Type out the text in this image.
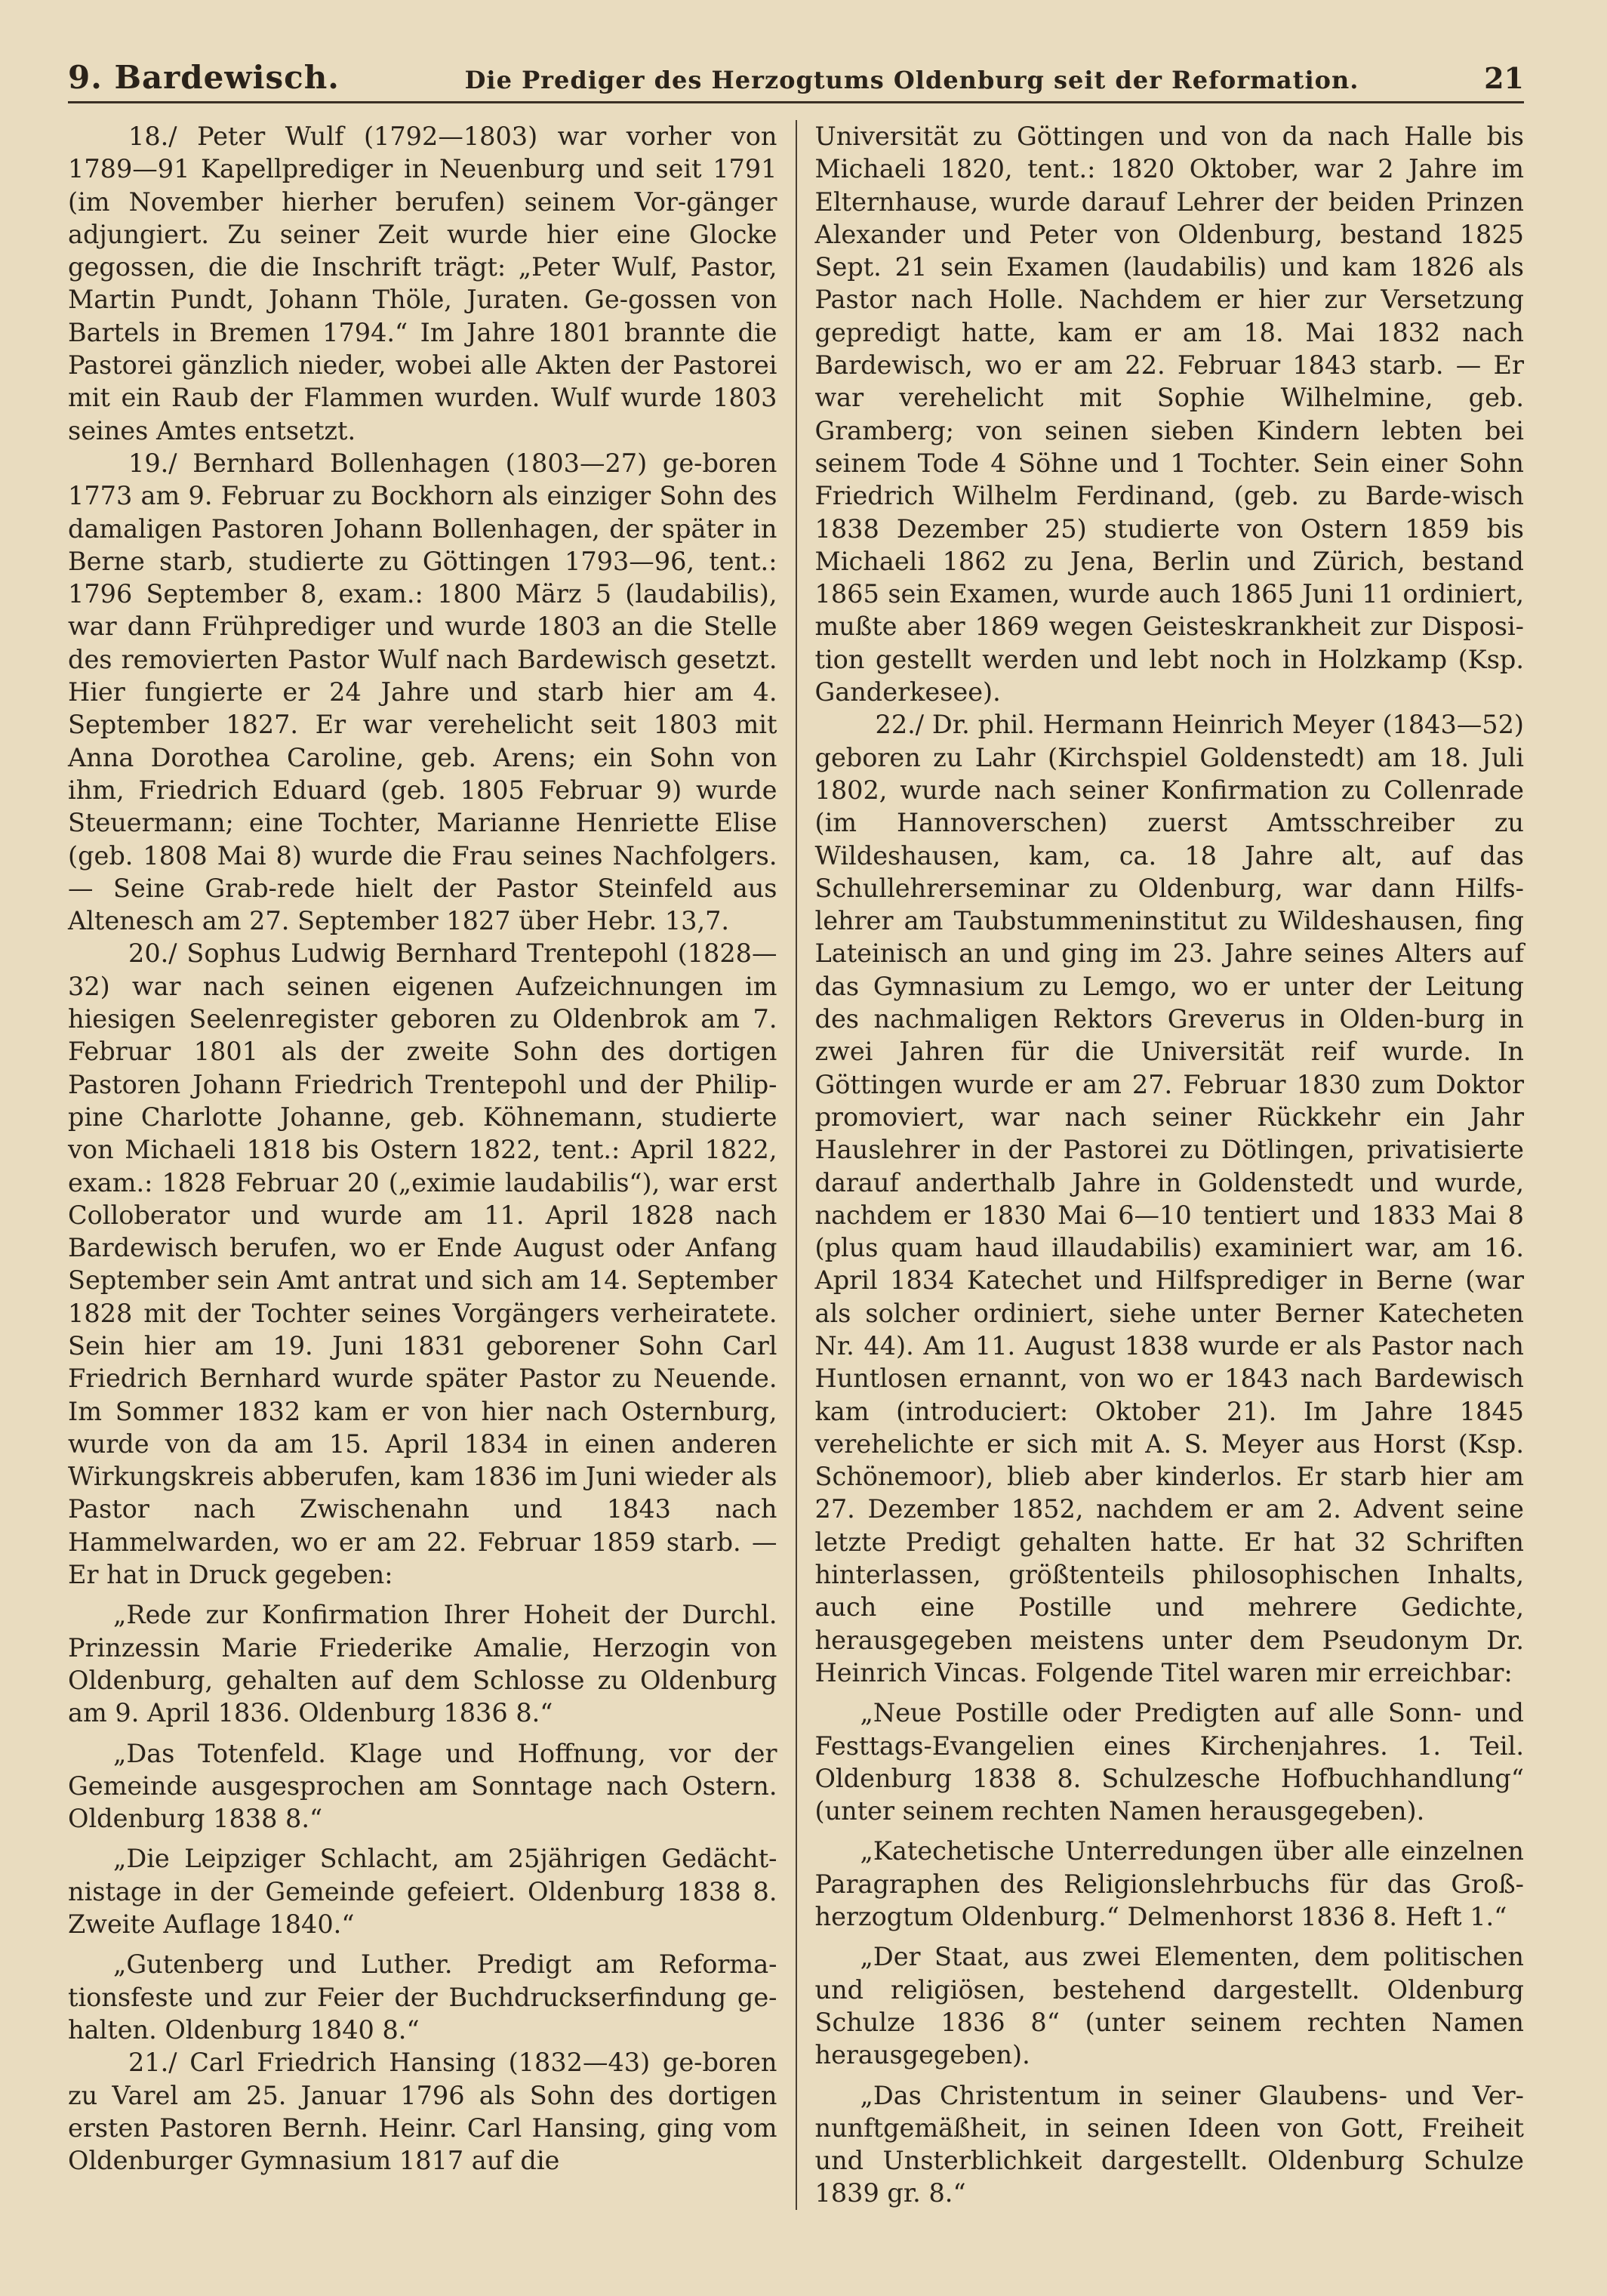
9. Bardewisch.	Die Prediger des Herzogtums Oldenburg seit der Reformation.	21

18./ Peter Wulf (1792—1803) war vorher von 1789—91 Kapellprediger in Neuenburg und seit 1791 (im November hierher berufen) seinem Vor-gänger adjungiert. Zu seiner Zeit wurde hier eine Glocke gegossen, die die Inschrift trägt: „Peter Wulf, Pastor, Martin Pundt, Johann Thöle, Juraten. Ge-gossen von Bartels in Bremen 1794.“ Im Jahre 1801 brannte die Pastorei gänzlich nieder, wobei alle Akten der Pastorei mit ein Raub der Flammen wurden. Wulf wurde 1803 seines Amtes entsetzt.

19./ Bernhard Bollenhagen (1803—27) ge-boren 1773 am 9. Februar zu Bockhorn als einziger Sohn des damaligen Pastoren Johann Bollenhagen, der später in Berne starb, studierte zu Göttingen 1793—96, tent.: 1796 September 8, exam.: 1800 März 5 (laudabilis), war dann Frühprediger und wurde 1803 an die Stelle des removierten Pastor Wulf nach Bardewisch gesetzt. Hier fungierte er 24 Jahre und starb hier am 4. September 1827. Er war verehelicht seit 1803 mit Anna Dorothea Caroline, geb. Arens; ein Sohn von ihm, Friedrich Eduard (geb. 1805 Februar 9) wurde Steuermann; eine Tochter, Marianne Henriette Elise (geb. 1808 Mai 8) wurde die Frau seines Nachfolgers. — Seine Grab-rede hielt der Pastor Steinfeld aus Altenesch am 27. September 1827 über Hebr. 13,7.

20./ Sophus Ludwig Bernhard Trentepohl (1828—32) war nach seinen eigenen Aufzeichnungen im hiesigen Seelenregister geboren zu Oldenbrok am 7. Februar 1801 als der zweite Sohn des dortigen Pastoren Johann Friedrich Trentepohl und der Philip-pine Charlotte Johanne, geb. Köhnemann, studierte von Michaeli 1818 bis Ostern 1822, tent.: April 1822, exam.: 1828 Februar 20 („eximie laudabilis“), war erst Colloberator und wurde am 11. April 1828 nach Bardewisch berufen, wo er Ende August oder Anfang September sein Amt antrat und sich am 14. September 1828 mit der Tochter seines Vorgängers verheiratete. Sein hier am 19. Juni 1831 geborener Sohn Carl Friedrich Bernhard wurde später Pastor zu Neuende. Im Sommer 1832 kam er von hier nach Osternburg, wurde von da am 15. April 1834 in einen anderen Wirkungskreis abberufen, kam 1836 im Juni wieder als Pastor nach Zwischenahn und 1843 nach Hammelwarden, wo er am 22. Februar 1859 starb. — Er hat in Druck gegeben:

„Rede zur Konfirmation Ihrer Hoheit der Durchl. Prinzessin Marie Friederike Amalie, Herzogin von Oldenburg, gehalten auf dem Schlosse zu Oldenburg am 9. April 1836. Oldenburg 1836 8.“

„Das Totenfeld. Klage und Hoffnung, vor der Gemeinde ausgesprochen am Sonntage nach Ostern. Oldenburg 1838 8.“

„Die Leipziger Schlacht, am 25jährigen Gedächt-nistage in der Gemeinde gefeiert. Oldenburg 1838 8. Zweite Auflage 1840.“

„Gutenberg und Luther. Predigt am Reforma-tionsfeste und zur Feier der Buchdruckserfindung ge-halten. Oldenburg 1840 8.“

21./ Carl Friedrich Hansing (1832—43) ge-boren zu Varel am 25. Januar 1796 als Sohn des dortigen ersten Pastoren Bernh. Heinr. Carl Hansing, ging vom Oldenburger Gymnasium 1817 auf die

Universität zu Göttingen und von da nach Halle bis Michaeli 1820, tent.: 1820 Oktober, war 2 Jahre im Elternhause, wurde darauf Lehrer der beiden Prinzen Alexander und Peter von Oldenburg, bestand 1825 Sept. 21 sein Examen (laudabilis) und kam 1826 als Pastor nach Holle. Nachdem er hier zur Versetzung gepredigt hatte, kam er am 18. Mai 1832 nach Bardewisch, wo er am 22. Februar 1843 starb. — Er war verehelicht mit Sophie Wilhelmine, geb. Gramberg; von seinen sieben Kindern lebten bei seinem Tode 4 Söhne und 1 Tochter. Sein einer Sohn Friedrich Wilhelm Ferdinand, (geb. zu Barde-wisch 1838 Dezember 25) studierte von Ostern 1859 bis Michaeli 1862 zu Jena, Berlin und Zürich, bestand 1865 sein Examen, wurde auch 1865 Juni 11 ordiniert, mußte aber 1869 wegen Geisteskrankheit zur Disposi-tion gestellt werden und lebt noch in Holzkamp (Ksp. Ganderkesee).

22./ Dr. phil. Hermann Heinrich Meyer (1843—52) geboren zu Lahr (Kirchspiel Goldenstedt) am 18. Juli 1802, wurde nach seiner Konfirmation zu Collenrade (im Hannoverschen) zuerst Amtsschreiber zu Wildeshausen, kam, ca. 18 Jahre alt, auf das Schullehrerseminar zu Oldenburg, war dann Hilfs-lehrer am Taubstummeninstitut zu Wildeshausen, fing Lateinisch an und ging im 23. Jahre seines Alters auf das Gymnasium zu Lemgo, wo er unter der Leitung des nachmaligen Rektors Greverus in Olden-burg in zwei Jahren für die Universität reif wurde. In Göttingen wurde er am 27. Februar 1830 zum Doktor promoviert, war nach seiner Rückkehr ein Jahr Hauslehrer in der Pastorei zu Dötlingen, privatisierte darauf anderthalb Jahre in Goldenstedt und wurde, nachdem er 1830 Mai 6—10 tentiert und 1833 Mai 8 (plus quam haud illaudabilis) examiniert war, am 16. April 1834 Katechet und Hilfsprediger in Berne (war als solcher ordiniert, siehe unter Berner Katecheten Nr. 44). Am 11. August 1838 wurde er als Pastor nach Huntlosen ernannt, von wo er 1843 nach Bardewisch kam (introduciert: Oktober 21). Im Jahre 1845 verehelichte er sich mit A. S. Meyer aus Horst (Ksp. Schönemoor), blieb aber kinderlos. Er starb hier am 27. Dezember 1852, nachdem er am 2. Advent seine letzte Predigt gehalten hatte. Er hat 32 Schriften hinterlassen, größtenteils philosophischen Inhalts, auch eine Postille und mehrere Gedichte, herausgegeben meistens unter dem Pseudonym Dr. Heinrich Vincas. Folgende Titel waren mir erreichbar:

„Neue Postille oder Predigten auf alle Sonn- und Festtags-Evangelien eines Kirchenjahres. 1. Teil. Oldenburg 1838 8. Schulzesche Hofbuchhandlung“ (unter seinem rechten Namen herausgegeben).

„Katechetische Unterredungen über alle einzelnen Paragraphen des Religionslehrbuchs für das Groß-herzogtum Oldenburg.“ Delmenhorst 1836 8. Heft 1.“

„Der Staat, aus zwei Elementen, dem politischen und religiösen, bestehend dargestellt. Oldenburg Schulze 1836 8“ (unter seinem rechten Namen herausgegeben).

„Das Christentum in seiner Glaubens- und Ver-nunftgemäßheit, in seinen Ideen von Gott, Freiheit und Unsterblichkeit dargestellt. Oldenburg Schulze 1839 gr. 8.“
